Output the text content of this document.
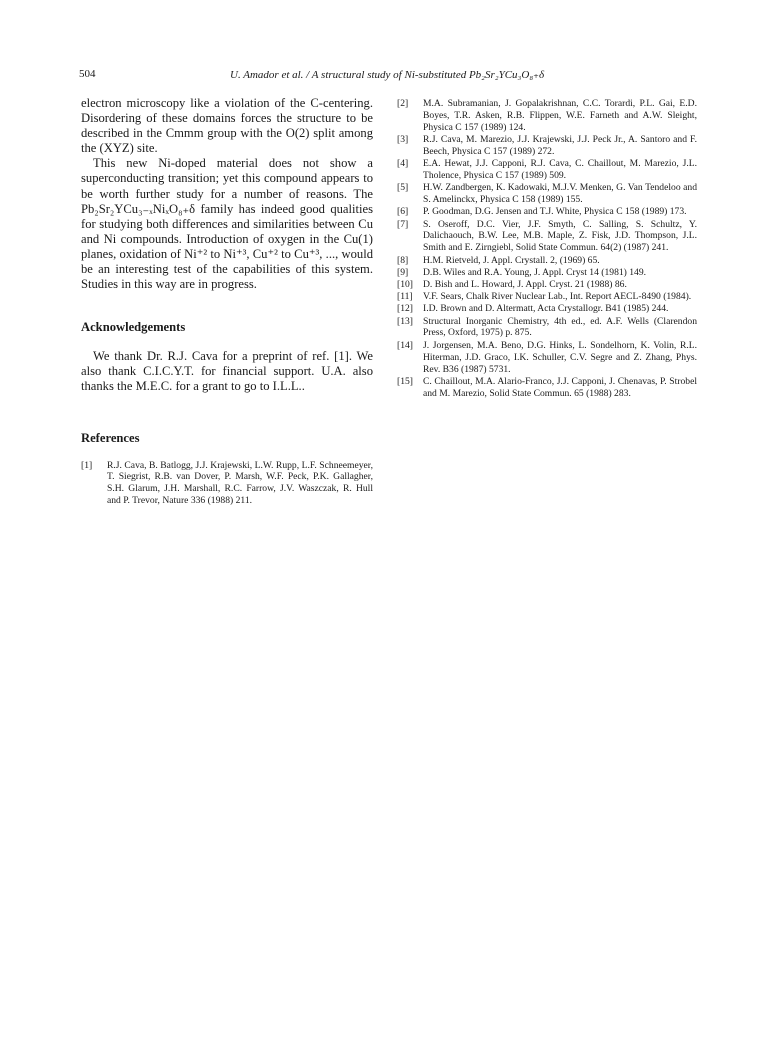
504	U. Amador et al. / A structural study of Ni-substituted Pb₂Sr₂YCu₃O₈₊δ

electron microscopy like a violation of the C-centering. Disordering of these domains forces the structure to be described in the Cmmm group with the O(2) split among the (XYZ) site.

This new Ni-doped material does not show a superconducting transition; yet this compound appears to be worth further study for a number of reasons. The Pb₂Sr₂YCu₃₋ₓNiₓO₈₊δ family has indeed good qualities for studying both differences and similarities between Cu and Ni compounds. Introduction of oxygen in the Cu(1) planes, oxidation of Ni⁺² to Ni⁺³, Cu⁺² to Cu⁺³, ..., would be an interesting test of the capabilities of this system. Studies in this way are in progress.

Acknowledgements

We thank Dr. R.J. Cava for a preprint of ref. [1]. We also thank C.I.C.Y.T. for financial support. U.A. also thanks the M.E.C. for a grant to go to I.L.L..

References
[1] R.J. Cava, B. Batlogg, J.J. Krajewski, L.W. Rupp, L.F. Schneemeyer, T. Siegrist, R.B. van Dover, P. Marsh, W.F. Peck, P.K. Gallagher, S.H. Glarum, J.H. Marshall, R.C. Farrow, J.V. Waszczak, R. Hull and P. Trevor, Nature 336 (1988) 211.
[2] M.A. Subramanian, J. Gopalakrishnan, C.C. Torardi, P.L. Gai, E.D. Boyes, T.R. Asken, R.B. Flippen, W.E. Farneth and A.W. Sleight, Physica C 157 (1989) 124.
[3] R.J. Cava, M. Marezio, J.J. Krajewski, J.J. Peck Jr., A. Santoro and F. Beech, Physica C 157 (1989) 272.
[4] E.A. Hewat, J.J. Capponi, R.J. Cava, C. Chaillout, M. Marezio, J.L. Tholence, Physica C 157 (1989) 509.
[5] H.W. Zandbergen, K. Kadowaki, M.J.V. Menken, G. Van Tendeloo and S. Amelinckx, Physica C 158 (1989) 155.
[6] P. Goodman, D.G. Jensen and T.J. White, Physica C 158 (1989) 173.
[7] S. Oseroff, D.C. Vier, J.F. Smyth, C. Salling, S. Schultz, Y. Dalichaouch, B.W. Lee, M.B. Maple, Z. Fisk, J.D. Thompson, J.L. Smith and E. Zirngiebl, Solid State Commun. 64(2) (1987) 241.
[8] H.M. Rietveld, J. Appl. Crystall. 2, (1969) 65.
[9] D.B. Wiles and R.A. Young, J. Appl. Cryst 14 (1981) 149.
[10] D. Bish and L. Howard, J. Appl. Cryst. 21 (1988) 86.
[11] V.F. Sears, Chalk River Nuclear Lab., Int. Report AECL-8490 (1984).
[12] I.D. Brown and D. Altermatt, Acta Crystallogr. B41 (1985) 244.
[13] Structural Inorganic Chemistry, 4th ed., ed. A.F. Wells (Clarendon Press, Oxford, 1975) p. 875.
[14] J. Jorgensen, M.A. Beno, D.G. Hinks, L. Sondelhorn, K. Volin, R.L. Hiterman, J.D. Graco, I.K. Schuller, C.V. Segre and Z. Zhang, Phys. Rev. B36 (1987) 5731.
[15] C. Chaillout, M.A. Alario-Franco, J.J. Capponi, J. Chenavas, P. Strobel and M. Marezio, Solid State Commun. 65 (1988) 283.
